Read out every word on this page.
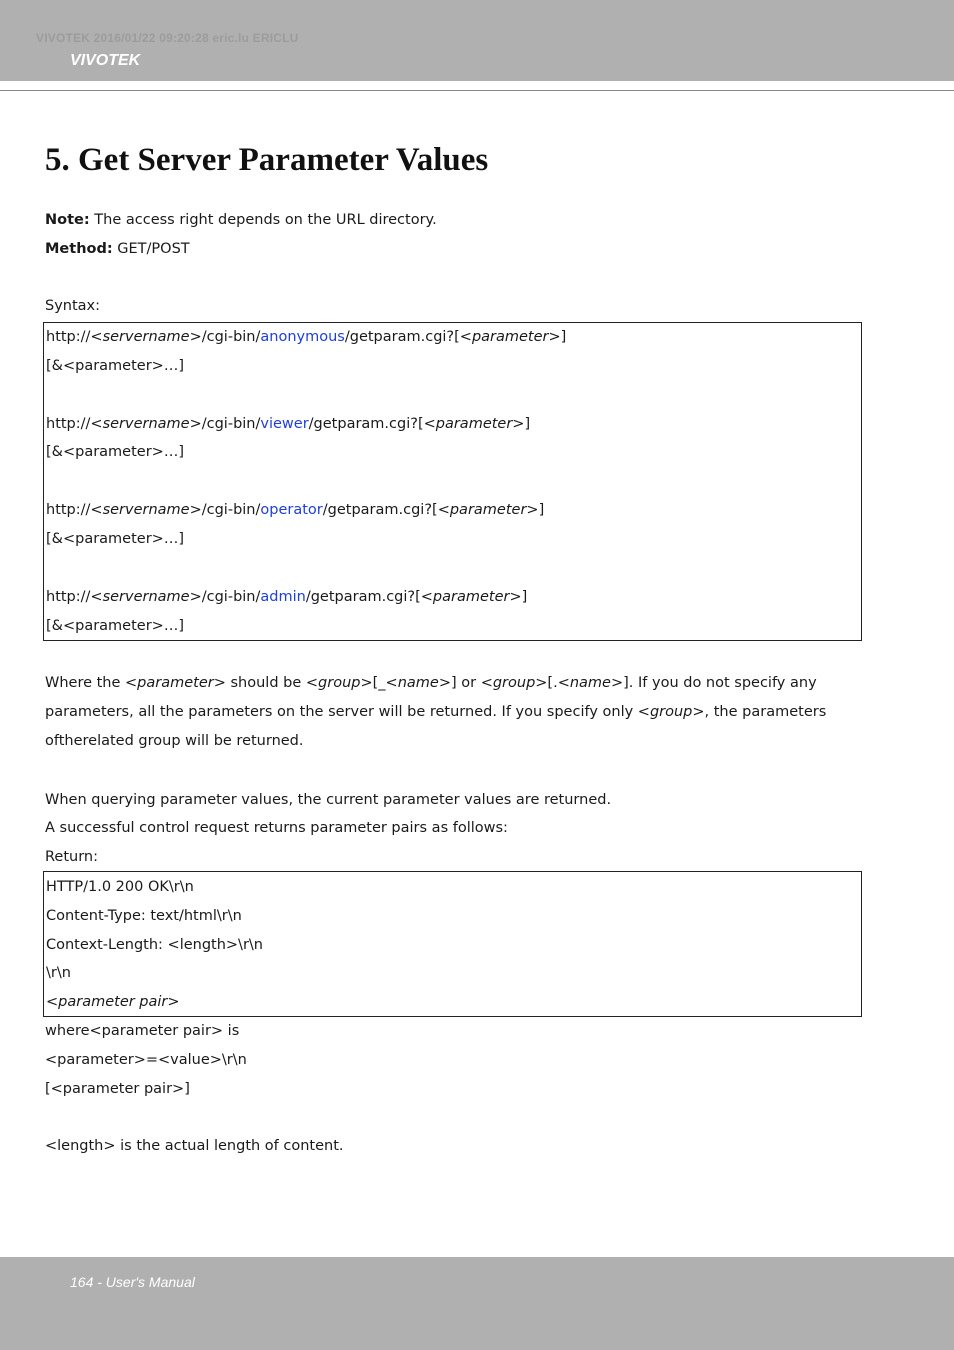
VIVOTEK 2016/01/22 09:20:28 eric.lu ERICLU
VIVOTEK
5. Get Server Parameter Values
Note: The access right depends on the URL directory.
Method: GET/POST
Syntax:
http://<servername>/cgi-bin/anonymous/getparam.cgi?[<parameter>]
[&<parameter>…]
http://<servername>/cgi-bin/viewer/getparam.cgi?[<parameter>]
[&<parameter>…]
http://<servername>/cgi-bin/operator/getparam.cgi?[<parameter>]
[&<parameter>…]
http://<servername>/cgi-bin/admin/getparam.cgi?[<parameter>]
[&<parameter>…]

Where the <parameter> should be <group>[_<name>] or <group>[.<name>]. If you do not specify any parameters, all the parameters on the server will be returned. If you specify only <group>, the parameters oftherelated group will be returned.

When querying parameter values, the current parameter values are returned.
A successful control request returns parameter pairs as follows:
Return:
HTTP/1.0 200 OK\r\n
Content-Type: text/html\r\n
Context-Length: <length>\r\n
\r\n
<parameter pair>
where<parameter pair> is
<parameter>=<value>\r\n
[<parameter pair>]
<length> is the actual length of content.
164 - User's Manual
